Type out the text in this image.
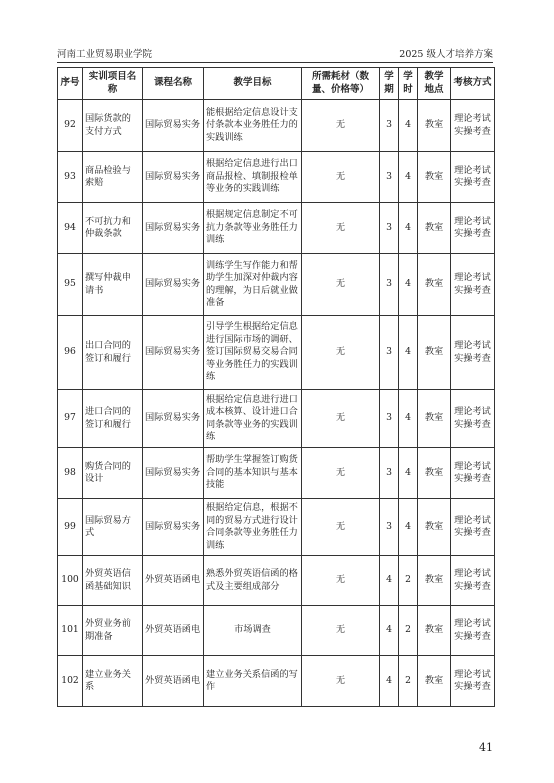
河南工业贸易职业学院	2025 级人才培养方案
序号	实训项目名称	课程名称	教学目标	所需耗材（数量、价格等）	学期	学时	教学地点	考核方式
92	国际货款的支付方式	国际贸易实务	能根据给定信息设计支付条款本业务胜任力的实践训练	无	3	4	教室	理论考试实操考查
93	商品检验与索赔	国际贸易实务	根据给定信息进行出口商品报检、填制报检单等业务的实践训练	无	3	4	教室	理论考试实操考查
94	不可抗力和仲裁条款	国际贸易实务	根据规定信息制定不可抗力条款等业务胜任力训练	无	3	4	教室	理论考试实操考查
95	撰写仲裁申请书	国际贸易实务	训练学生写作能力和帮助学生加深对仲裁内容的理解，为日后就业做准备	无	3	4	教室	理论考试实操考查
96	出口合同的签订和履行	国际贸易实务	引导学生根据给定信息进行国际市场的调研、签订国际贸易交易合同等业务胜任力的实践训练	无	3	4	教室	理论考试实操考查
97	进口合同的签订和履行	国际贸易实务	根据给定信息进行进口成本核算、设计进口合同条款等业务的实践训练	无	3	4	教室	理论考试实操考查
98	购货合同的设计	国际贸易实务	帮助学生掌握签订购货合同的基本知识与基本技能	无	3	4	教室	理论考试实操考查
99	国际贸易方式	国际贸易实务	根据给定信息，根据不同的贸易方式进行设计合同条款等业务胜任力训练	无	3	4	教室	理论考试实操考查
100	外贸英语信函基础知识	外贸英语函电	熟悉外贸英语信函的格式及主要组成部分	无	4	2	教室	理论考试实操考查
101	外贸业务前期准备	外贸英语函电	市场调查	无	4	2	教室	理论考试实操考查
102	建立业务关系	外贸英语函电	建立业务关系信函的写作	无	4	2	教室	理论考试实操考查
41
